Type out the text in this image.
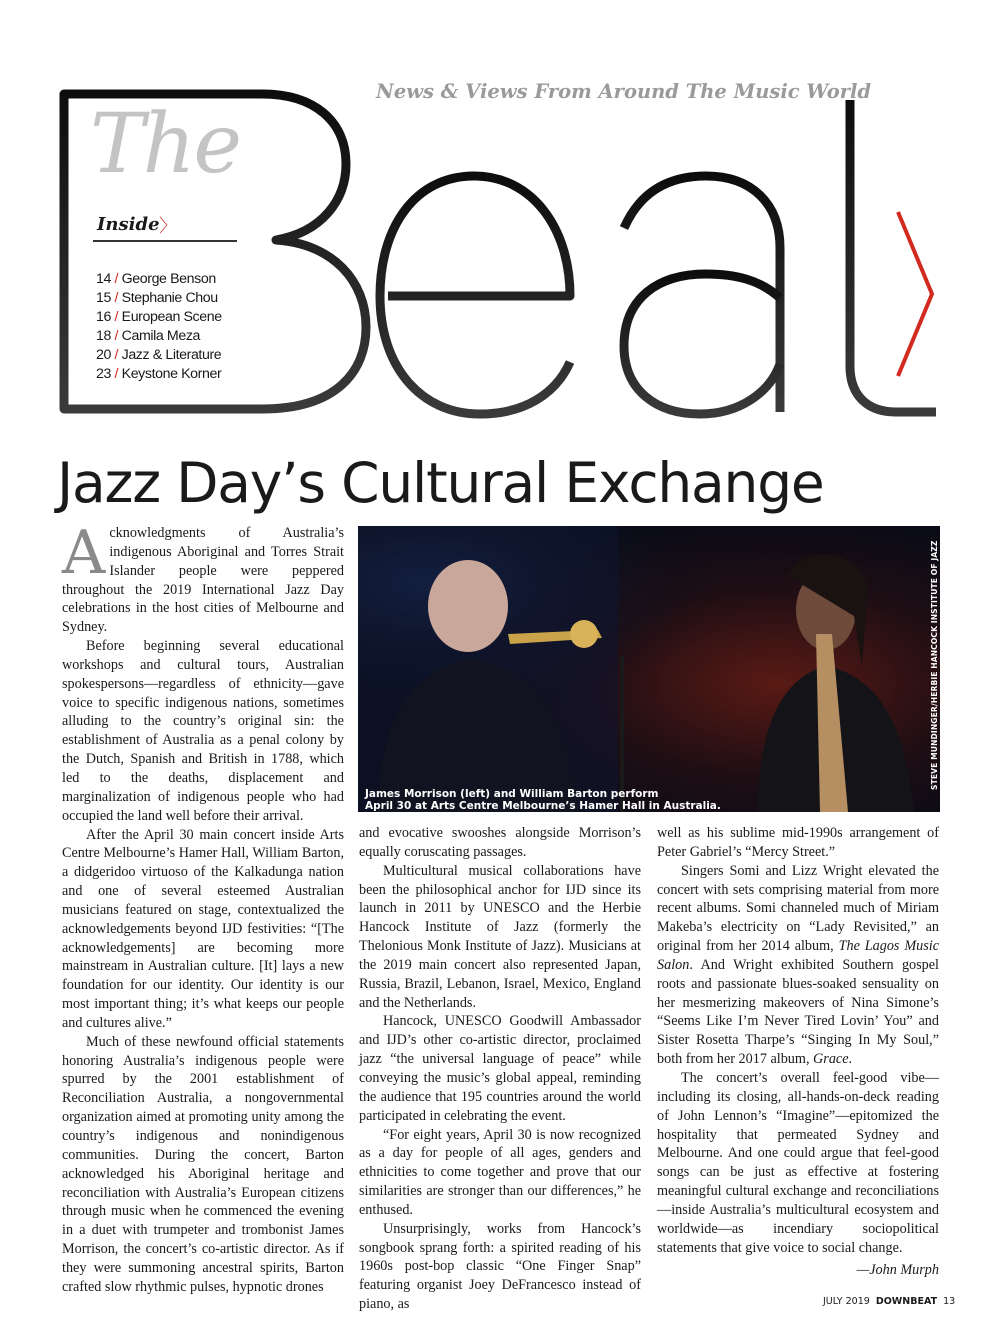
News & Views From Around The Music World
The
Inside 〉
14 / George Benson
15 / Stephanie Chou
16 / European Scene
18 / Camila Meza
20 / Jazz & Literature
23 / Keystone Korner
Jazz Day’s Cultural Exchange
James Morrison (left) and William Barton perform
April 30 at Arts Centre Melbourne’s Hamer Hall in Australia.
STEVE MUNDINGER/HERBIE HANCOCK INSTITUTE OF JAZZ

Acknowledgments of Australia’s indigenous Aboriginal and Torres Strait Islander people were peppered throughout the 2019 International Jazz Day celebrations in the host cities of Melbourne and Sydney.

Before beginning several educational workshops and cultural tours, Australian spokespersons—regardless of ethnicity—gave voice to specific indigenous nations, sometimes alluding to the country’s original sin: the establishment of Australia as a penal colony by the Dutch, Spanish and British in 1788, which led to the deaths, displacement and marginalization of indigenous people who had occupied the land well before their arrival.

After the April 30 main concert inside Arts Centre Melbourne’s Hamer Hall, William Barton, a didgeridoo virtuoso of the Kalkadunga nation and one of several esteemed Australian musicians featured on stage, contextualized the acknowledgements beyond IJD festivities: “[The acknowledgements] are becoming more mainstream in Australian culture. [It] lays a new foundation for our identity. Our identity is our most important thing; it’s what keeps our people and cultures alive.”

Much of these newfound official statements honoring Australia’s indigenous people were spurred by the 2001 establishment of Reconciliation Australia, a nongovernmental organization aimed at promoting unity among the country’s indigenous and nonindigenous communities. During the concert, Barton acknowledged his Aboriginal heritage and reconciliation with Australia’s European citizens through music when he commenced the evening in a duet with trumpeter and trombonist James Morrison, the concert’s co-artistic director. As if they were summoning ancestral spirits, Barton crafted slow rhythmic pulses, hypnotic drones

and evocative swooshes alongside Morrison’s equally coruscating passages.

Multicultural musical collaborations have been the philosophical anchor for IJD since its launch in 2011 by UNESCO and the Herbie Hancock Institute of Jazz (formerly the Thelonious Monk Institute of Jazz). Musicians at the 2019 main concert also represented Japan, Russia, Brazil, Lebanon, Israel, Mexico, England and the Netherlands.

Hancock, UNESCO Goodwill Ambassador and IJD’s other co-artistic director, proclaimed jazz “the universal language of peace” while conveying the music’s global appeal, reminding the audience that 195 countries around the world participated in celebrating the event.

“For eight years, April 30 is now recognized as a day for people of all ages, genders and ethnicities to come together and prove that our similarities are stronger than our differences,” he enthused.

Unsurprisingly, works from Hancock’s songbook sprang forth: a spirited reading of his 1960s post-bop classic “One Finger Snap” featuring organist Joey DeFrancesco instead of piano, as

well as his sublime mid-1990s arrangement of Peter Gabriel’s “Mercy Street.”

Singers Somi and Lizz Wright elevated the concert with sets comprising material from more recent albums. Somi channeled much of Miriam Makeba’s electricity on “Lady Revisited,” an original from her 2014 album, The Lagos Music Salon. And Wright exhibited Southern gospel roots and passionate blues-soaked sensuality on her mesmerizing makeovers of Nina Simone’s “Seems Like I’m Never Tired Lovin’ You” and Sister Rosetta Tharpe’s “Singing In My Soul,” both from her 2017 album, Grace.

The concert’s overall feel-good vibe—including its closing, all-hands-on-deck reading of John Lennon’s “Imagine”—epitomized the hospitality that permeated Sydney and Melbourne. And one could argue that feel-good songs can be just as effective at fostering meaningful cultural exchange and reconciliations—inside Australia’s multicultural ecosystem and worldwide—as incendiary sociopolitical statements that give voice to social change.

—John Murph
JULY 2019 DOWNBEAT 13
